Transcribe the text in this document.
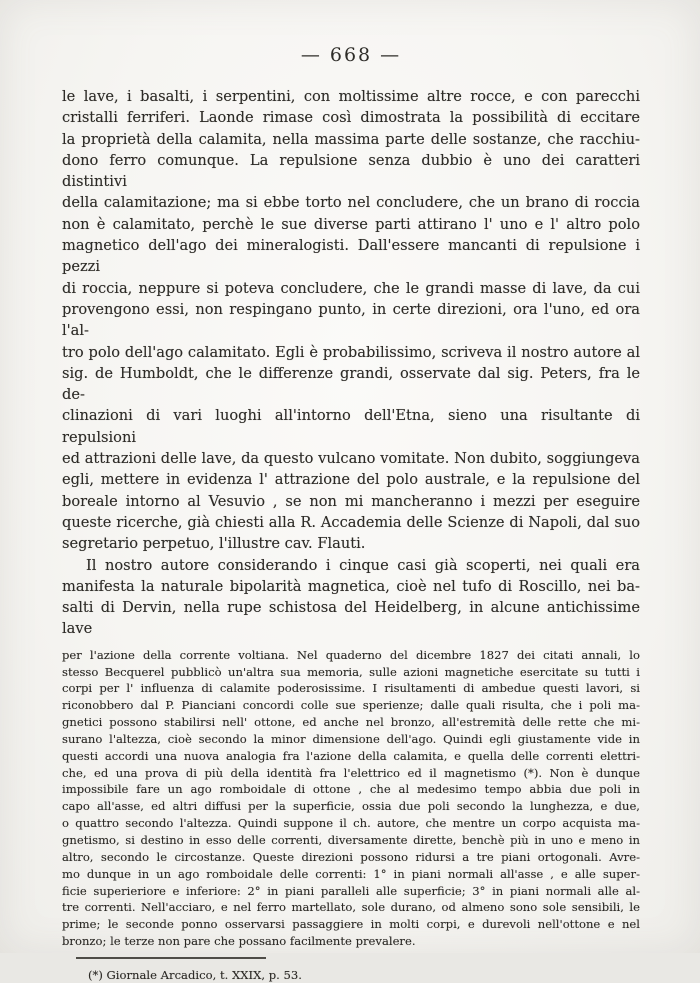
— 668 —
le lave, i basalti, i serpentini, con moltissime altre rocce, e con parecchi
cristalli ferriferi. Laonde rimase così dimostrata la possibilità di eccitare
la proprietà della calamita, nella massima parte delle sostanze, che racchiu-
dono ferro comunque. La repulsione senza dubbio è uno dei caratteri distintivi
della calamitazione; ma si ebbe torto nel concludere, che un brano di roccia
non è calamitato, perchè le sue diverse parti attirano l' uno e l' altro polo
magnetico dell'ago dei mineralogisti. Dall'essere mancanti di repulsione i pezzi
di roccia, neppure si poteva concludere, che le grandi masse di lave, da cui
provengono essi, non respingano punto, in certe direzioni, ora l'uno, ed ora l'al-
tro polo dell'ago calamitato. Egli è probabilissimo, scriveva il nostro autore al
sig. de Humboldt, che le differenze grandi, osservate dal sig. Peters, fra le de-
clinazioni di vari luoghi all'intorno dell'Etna, sieno una risultante di repulsioni
ed attrazioni delle lave, da questo vulcano vomitate. Non dubito, soggiungeva
egli, mettere in evidenza l' attrazione del polo australe, e la repulsione del
boreale intorno al Vesuvio , se non mi mancheranno i mezzi per eseguire
queste ricerche, già chiesti alla R. Accademia delle Scienze di Napoli, dal suo
segretario perpetuo, l'illustre cav. Flauti.
Il nostro autore considerando i cinque casi già scoperti, nei quali era
manifesta la naturale bipolarità magnetica, cioè nel tufo di Roscillo, nei ba-
salti di Dervin, nella rupe schistosa del Heidelberg, in alcune antichissime lave
per l'azione della corrente voltiana. Nel quaderno del dicembre 1827 dei citati annali, lo
stesso Becquerel pubblicò un'altra sua memoria, sulle azioni magnetiche esercitate su tutti i
corpi per l' influenza di calamite poderosissime. I risultamenti di ambedue questi lavori, si
riconobbero dal P. Pianciani concordi colle sue sperienze; dalle quali risulta, che i poli ma-
gnetici possono stabilirsi nell' ottone, ed anche nel bronzo, all'estremità delle rette che mi-
surano l'altezza, cioè secondo la minor dimensione dell'ago. Quindi egli giustamente vide in
questi accordi una nuova analogia fra l'azione della calamita, e quella delle correnti elettri-
che, ed una prova di più della identità fra l'elettrico ed il magnetismo (*). Non è dunque
impossibile fare un ago romboidale di ottone , che al medesimo tempo abbia due poli in
capo all'asse, ed altri diffusi per la superficie, ossia due poli secondo la lunghezza, e due,
o quattro secondo l'altezza. Quindi suppone il ch. autore, che mentre un corpo acquista ma-
gnetismo, si destino in esso delle correnti, diversamente dirette, benchè più in uno e meno in
altro, secondo le circostanze. Queste direzioni possono ridursi a tre piani ortogonali. Avre-
mo dunque in un ago romboidale delle correnti: 1° in piani normali all'asse , e alle super-
ficie superieriore e inferiore: 2° in piani paralleli alle superficie; 3° in piani normali alle al-
tre correnti. Nell'acciaro, e nel ferro martellato, sole durano, od almeno sono sole sensibili, le
prime; le seconde ponno osservarsi passaggiere in molti corpi, e durevoli nell'ottone e nel
bronzo; le terze non pare che possano facilmente prevalere.
(*) Giornale Arcadico, t. XXIX, p. 53.
